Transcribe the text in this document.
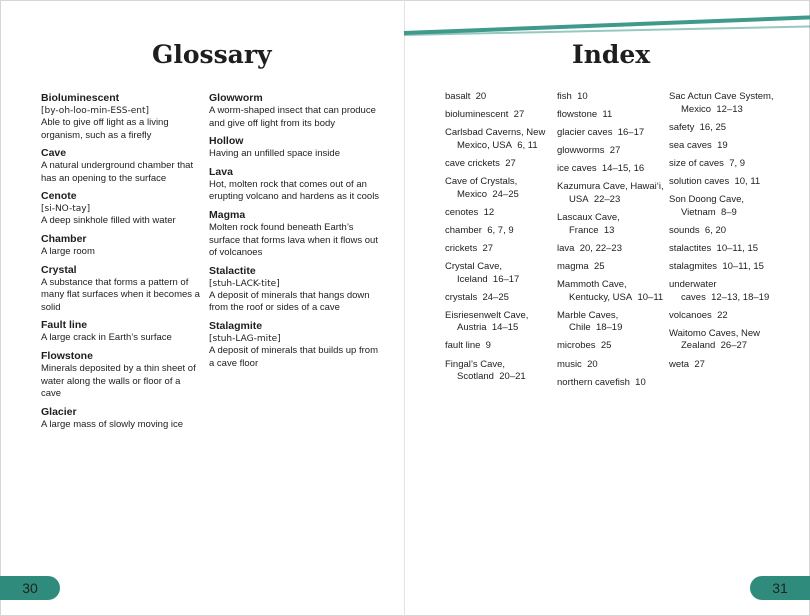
Glossary	Index
Bioluminescent
[by-oh-loo-min-ESS-ent]
Able to give off light as a living organism, such as a firefly
Cave
A natural underground chamber that has an opening to the surface
Cenote
[si-NO-tay]
A deep sinkhole filled with water
Chamber
A large room
Crystal
A substance that forms a pattern of many flat surfaces when it becomes a solid
Fault line
A large crack in Earth’s surface
Flowstone
Minerals deposited by a thin sheet of water along the walls or floor of a cave
Glacier
A large mass of slowly moving ice
Glowworm
A worm-shaped insect that can produce and give off light from its body
Hollow
Having an unfilled space inside
Lava
Hot, molten rock that comes out of an erupting volcano and hardens as it cools
Magma
Molten rock found beneath Earth’s surface that forms lava when it flows out of volcanoes
Stalactite
[stuh-LACK-tite]
A deposit of minerals that hangs down from the roof or sides of a cave
Stalagmite
[stuh-LAG-mite]
A deposit of minerals that builds up from a cave floor
basalt 20
bioluminescent 27
Carlsbad Caverns, New Mexico, USA 6, 11
cave crickets 27
Cave of Crystals, Mexico 24–25
cenotes 12
chamber 6, 7, 9
crickets 27
Crystal Cave, Iceland 16–17
crystals 24–25
Eisriesenwelt Cave, Austria 14–15
fault line 9
Fingal’s Cave, Scotland 20–21
fish 10
flowstone 11
glacier caves 16–17
glowworms 27
ice caves 14–15, 16
Kazumura Cave, Hawai‘i, USA 22–23
Lascaux Cave, France 13
lava 20, 22–23
magma 25
Mammoth Cave, Kentucky, USA 10–11
Marble Caves, Chile 18–19
microbes 25
music 20
northern cavefish 10
Sac Actun Cave System, Mexico 12–13
safety 16, 25
sea caves 19
size of caves 7, 9
solution caves 10, 11
Son Doong Cave, Vietnam 8–9
sounds 6, 20
stalactites 10–11, 15
stalagmites 10–11, 15
underwater caves 12–13, 18–19
volcanoes 22
Waitomo Caves, New Zealand 26–27
weta 27
30	31
